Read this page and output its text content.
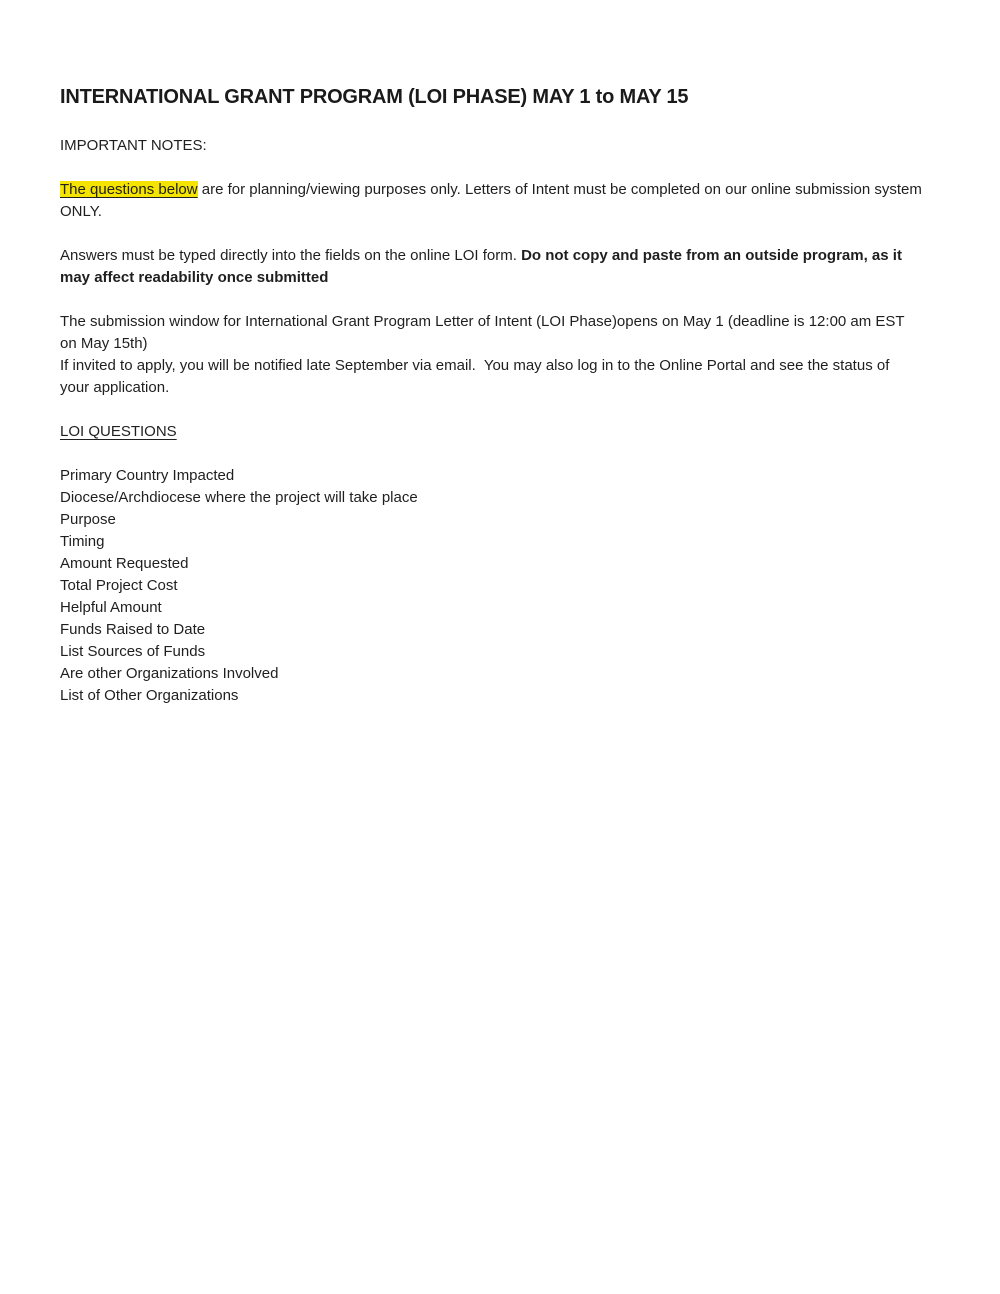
INTERNATIONAL GRANT PROGRAM (LOI PHASE) MAY 1 to MAY 15

IMPORTANT NOTES:

The questions below are for planning/viewing purposes only. Letters of Intent must be completed on our online submission system ONLY.

Answers must be typed directly into the fields on the online LOI form. Do not copy and paste from an outside program, as it may affect readability once submitted

The submission window for International Grant Program Letter of Intent (LOI Phase)opens on May 1 (deadline is 12:00 am EST on May 15th)
If invited to apply, you will be notified late September via email.  You may also log in to the Online Portal and see the status of your application.

LOI QUESTIONS
Primary Country Impacted
Diocese/Archdiocese where the project will take place
Purpose
Timing
Amount Requested
Total Project Cost
Helpful Amount
Funds Raised to Date
List Sources of Funds
Are other Organizations Involved
List of Other Organizations
